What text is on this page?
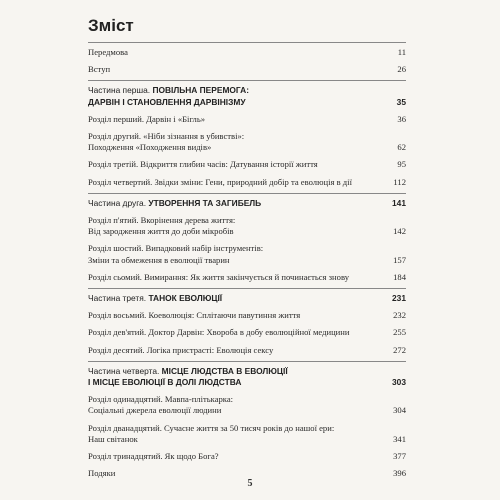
Зміст
Передмова	11
Вступ	26
Частина перша. ПОВІЛЬНА ПЕРЕМОГА:
ДАРВІН І СТАНОВЛЕННЯ ДАРВІНІЗМУ	35
Розділ перший. Дарвін і «Бігль»	36
Розділ другий. «Ніби зізнання в убивстві»:
Походження «Походження видів»	62
Розділ третій. Відкриття глибин часів: Датування історії життя	95
Розділ четвертий. Звідки зміни: Гени, природний добір та еволюція в дії	112
Частина друга. УТВОРЕННЯ ТА ЗАГИБЕЛЬ	141
Розділ п'ятий. Вкорінення дерева життя:
Від зародження життя до доби мікробів	142
Розділ шостий. Випадковий набір інструментів:
Зміни та обмеження в еволюції тварин	157
Розділ сьомий. Вимирання: Як життя закінчується й починається знову	184
Частина третя. ТАНОК ЕВОЛЮЦІЇ	231
Розділ восьмий. Коеволюція: Сплітаючи павутиння життя	232
Розділ дев'ятий. Доктор Дарвін: Хвороба в добу еволюційної медицини	255
Розділ десятий. Логіка пристрасті: Еволюція сексу	272
Частина четверта. МІСЦЕ ЛЮДСТВА В ЕВОЛЮЦІЇ
І МІСЦЕ ЕВОЛЮЦІЇ В ДОЛІ ЛЮДСТВА	303
Розділ одинадцятий. Мавпа-плітькарка:
Соціальні джерела еволюції людини	304
Розділ дванадцятий. Сучасне життя за 50 тисяч років до нашої ери:
Наш світанок	341
Розділ тринадцятий. Як щодо Бога?	377
Подяки	396
5
